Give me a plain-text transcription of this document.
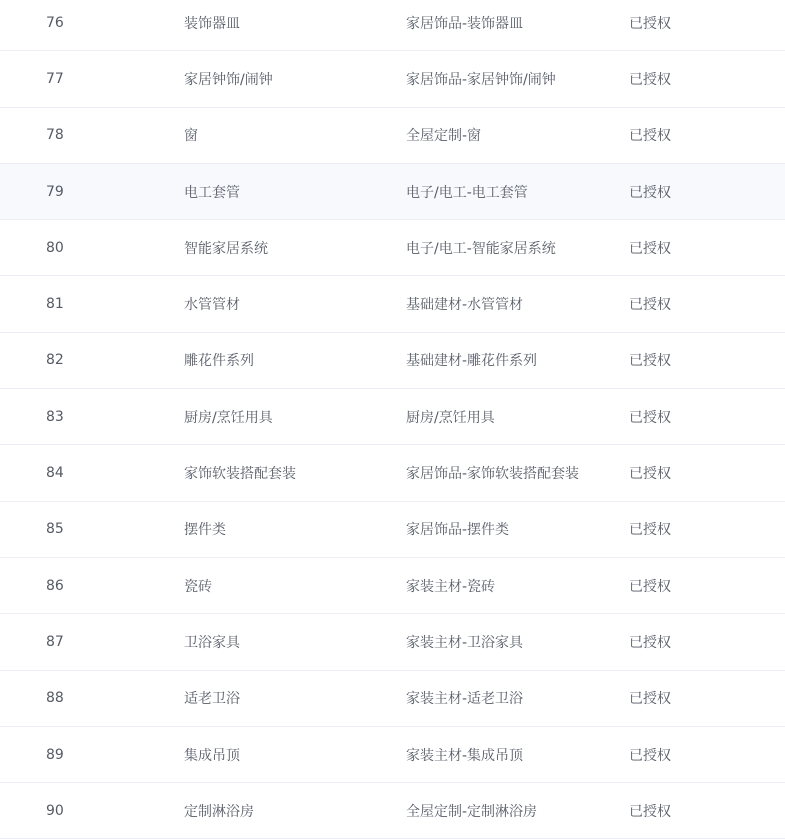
76	装饰器皿	家居饰品-装饰器皿	已授权
77	家居钟饰/闹钟	家居饰品-家居钟饰/闹钟	已授权
78	窗	全屋定制-窗	已授权
79	电工套管	电子/电工-电工套管	已授权
80	智能家居系统	电子/电工-智能家居系统	已授权
81	水管管材	基础建材-水管管材	已授权
82	雕花件系列	基础建材-雕花件系列	已授权
83	厨房/烹饪用具	厨房/烹饪用具	已授权
84	家饰软装搭配套装	家居饰品-家饰软装搭配套装	已授权
85	摆件类	家居饰品-摆件类	已授权
86	瓷砖	家装主材-瓷砖	已授权
87	卫浴家具	家装主材-卫浴家具	已授权
88	适老卫浴	家装主材-适老卫浴	已授权
89	集成吊顶	家装主材-集成吊顶	已授权
90	定制淋浴房	全屋定制-定制淋浴房	已授权
